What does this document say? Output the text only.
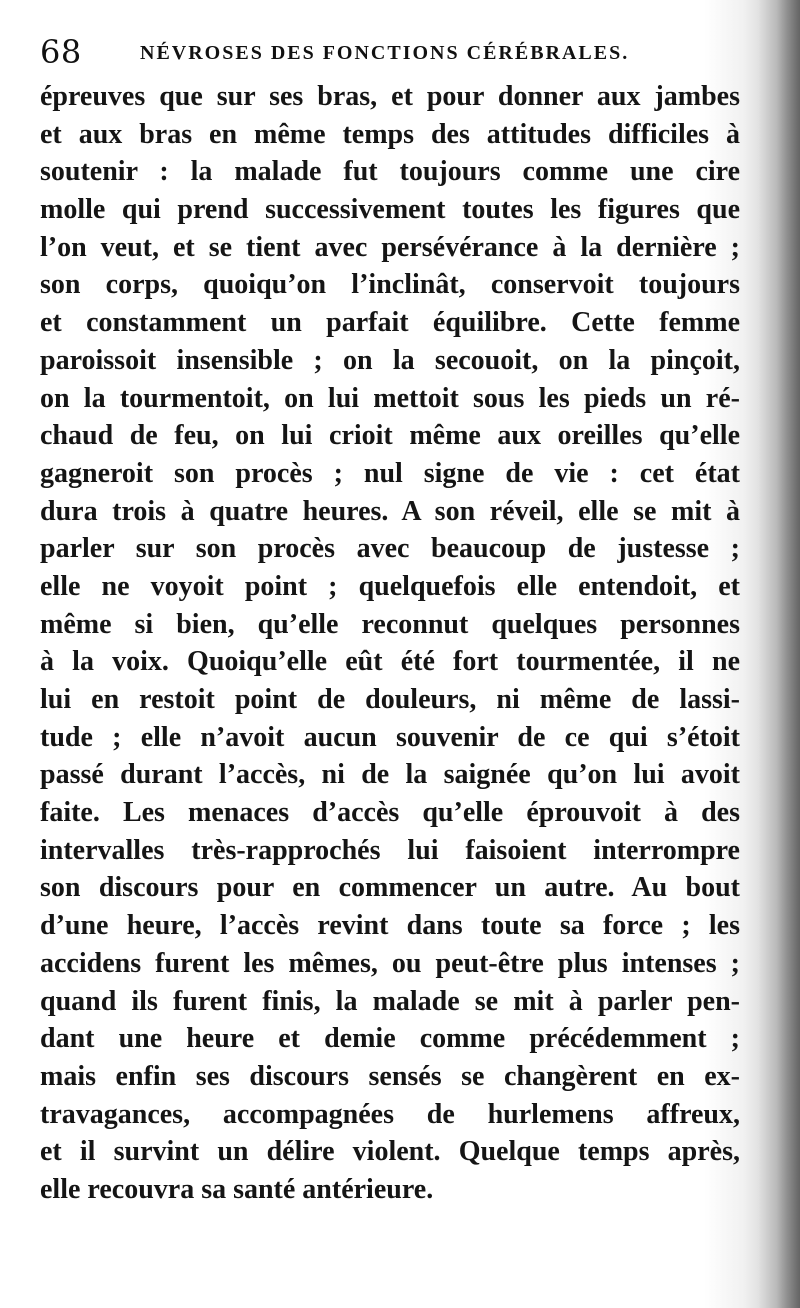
68	NÉVROSES DES FONCTIONS CÉRÉBRALES.
épreuves que sur ses bras, et pour donner aux jambes
et aux bras en même temps des attitudes difficiles à
soutenir : la malade fut toujours comme une cire
molle qui prend successivement toutes les figures que
l’on veut, et se tient avec persévérance à la dernière ;
son corps, quoiqu’on l’inclinât, conservoit toujours
et constamment un parfait équilibre. Cette femme
paroissoit insensible ; on la secouoit, on la pinçoit,
on la tourmentoit, on lui mettoit sous les pieds un ré-
chaud de feu, on lui crioit même aux oreilles qu’elle
gagneroit son procès ; nul signe de vie : cet état
dura trois à quatre heures. A son réveil, elle se mit à
parler sur son procès avec beaucoup de justesse ;
elle ne voyoit point ; quelquefois elle entendoit, et
même si bien, qu’elle reconnut quelques personnes
à la voix. Quoiqu’elle eût été fort tourmentée, il ne
lui en restoit point de douleurs, ni même de lassi-
tude ; elle n’avoit aucun souvenir de ce qui s’étoit
passé durant l’accès, ni de la saignée qu’on lui avoit
faite. Les menaces d’accès qu’elle éprouvoit à des
intervalles très-rapprochés lui faisoient interrompre
son discours pour en commencer un autre. Au bout
d’une heure, l’accès revint dans toute sa force ; les
accidens furent les mêmes, ou peut-être plus intenses ;
quand ils furent finis, la malade se mit à parler pen-
dant une heure et demie comme précédemment ;
mais enfin ses discours sensés se changèrent en ex-
travagances, accompagnées de hurlemens affreux,
et il survint un délire violent. Quelque temps après,
elle recouvra sa santé antérieure.
